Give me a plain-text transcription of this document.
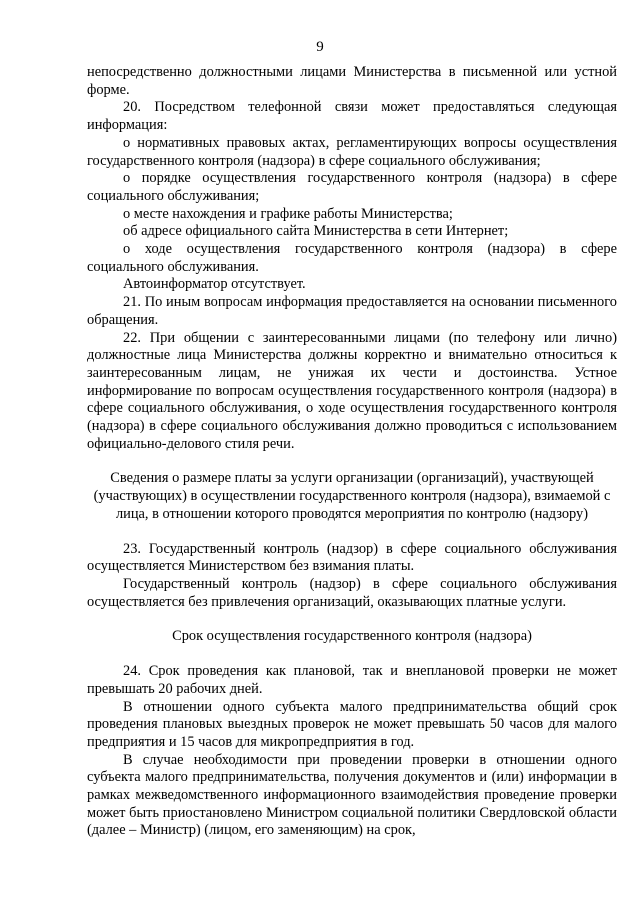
9

непосредственно должностными лицами Министерства в письменной или устной форме.

20. Посредством телефонной связи может предоставляться следующая информация:

о нормативных правовых актах, регламентирующих вопросы осуществления государственного контроля (надзора) в сфере социального обслуживания;

о порядке осуществления государственного контроля (надзора) в сфере социального обслуживания;

о месте нахождения и графике работы Министерства;

об адресе официального сайта Министерства в сети Интернет;

о ходе осуществления государственного контроля (надзора) в сфере социального обслуживания.

Автоинформатор отсутствует.

21. По иным вопросам информация предоставляется на основании письменного обращения.

22. При общении с заинтересованными лицами (по телефону или лично) должностные лица Министерства должны корректно и внимательно относиться к заинтересованным лицам, не унижая их чести и достоинства. Устное информирование по вопросам осуществления государственного контроля (надзора) в сфере социального обслуживания, о ходе осуществления государственного контроля (надзора) в сфере социального обслуживания должно проводиться с использованием официально-делового стиля речи.

Сведения о размере платы за услуги организации (организаций), участвующей (участвующих) в осуществлении государственного контроля (надзора), взимаемой с лица, в отношении которого проводятся мероприятия по контролю (надзору)

23. Государственный контроль (надзор) в сфере социального обслуживания осуществляется Министерством без взимания платы.

Государственный контроль (надзор) в сфере социального обслуживания осуществляется без привлечения организаций, оказывающих платные услуги.

Срок осуществления государственного контроля (надзора)

24. Срок проведения как плановой, так и внеплановой проверки не может превышать 20 рабочих дней.

В отношении одного субъекта малого предпринимательства общий срок проведения плановых выездных проверок не может превышать 50 часов для малого предприятия и 15 часов для микропредприятия в год.

В случае необходимости при проведении проверки в отношении одного субъекта малого предпринимательства, получения документов и (или) информации в рамках межведомственного информационного взаимодействия проведение проверки может быть приостановлено Министром социальной политики Свердловской области (далее – Министр) (лицом, его заменяющим) на срок,
